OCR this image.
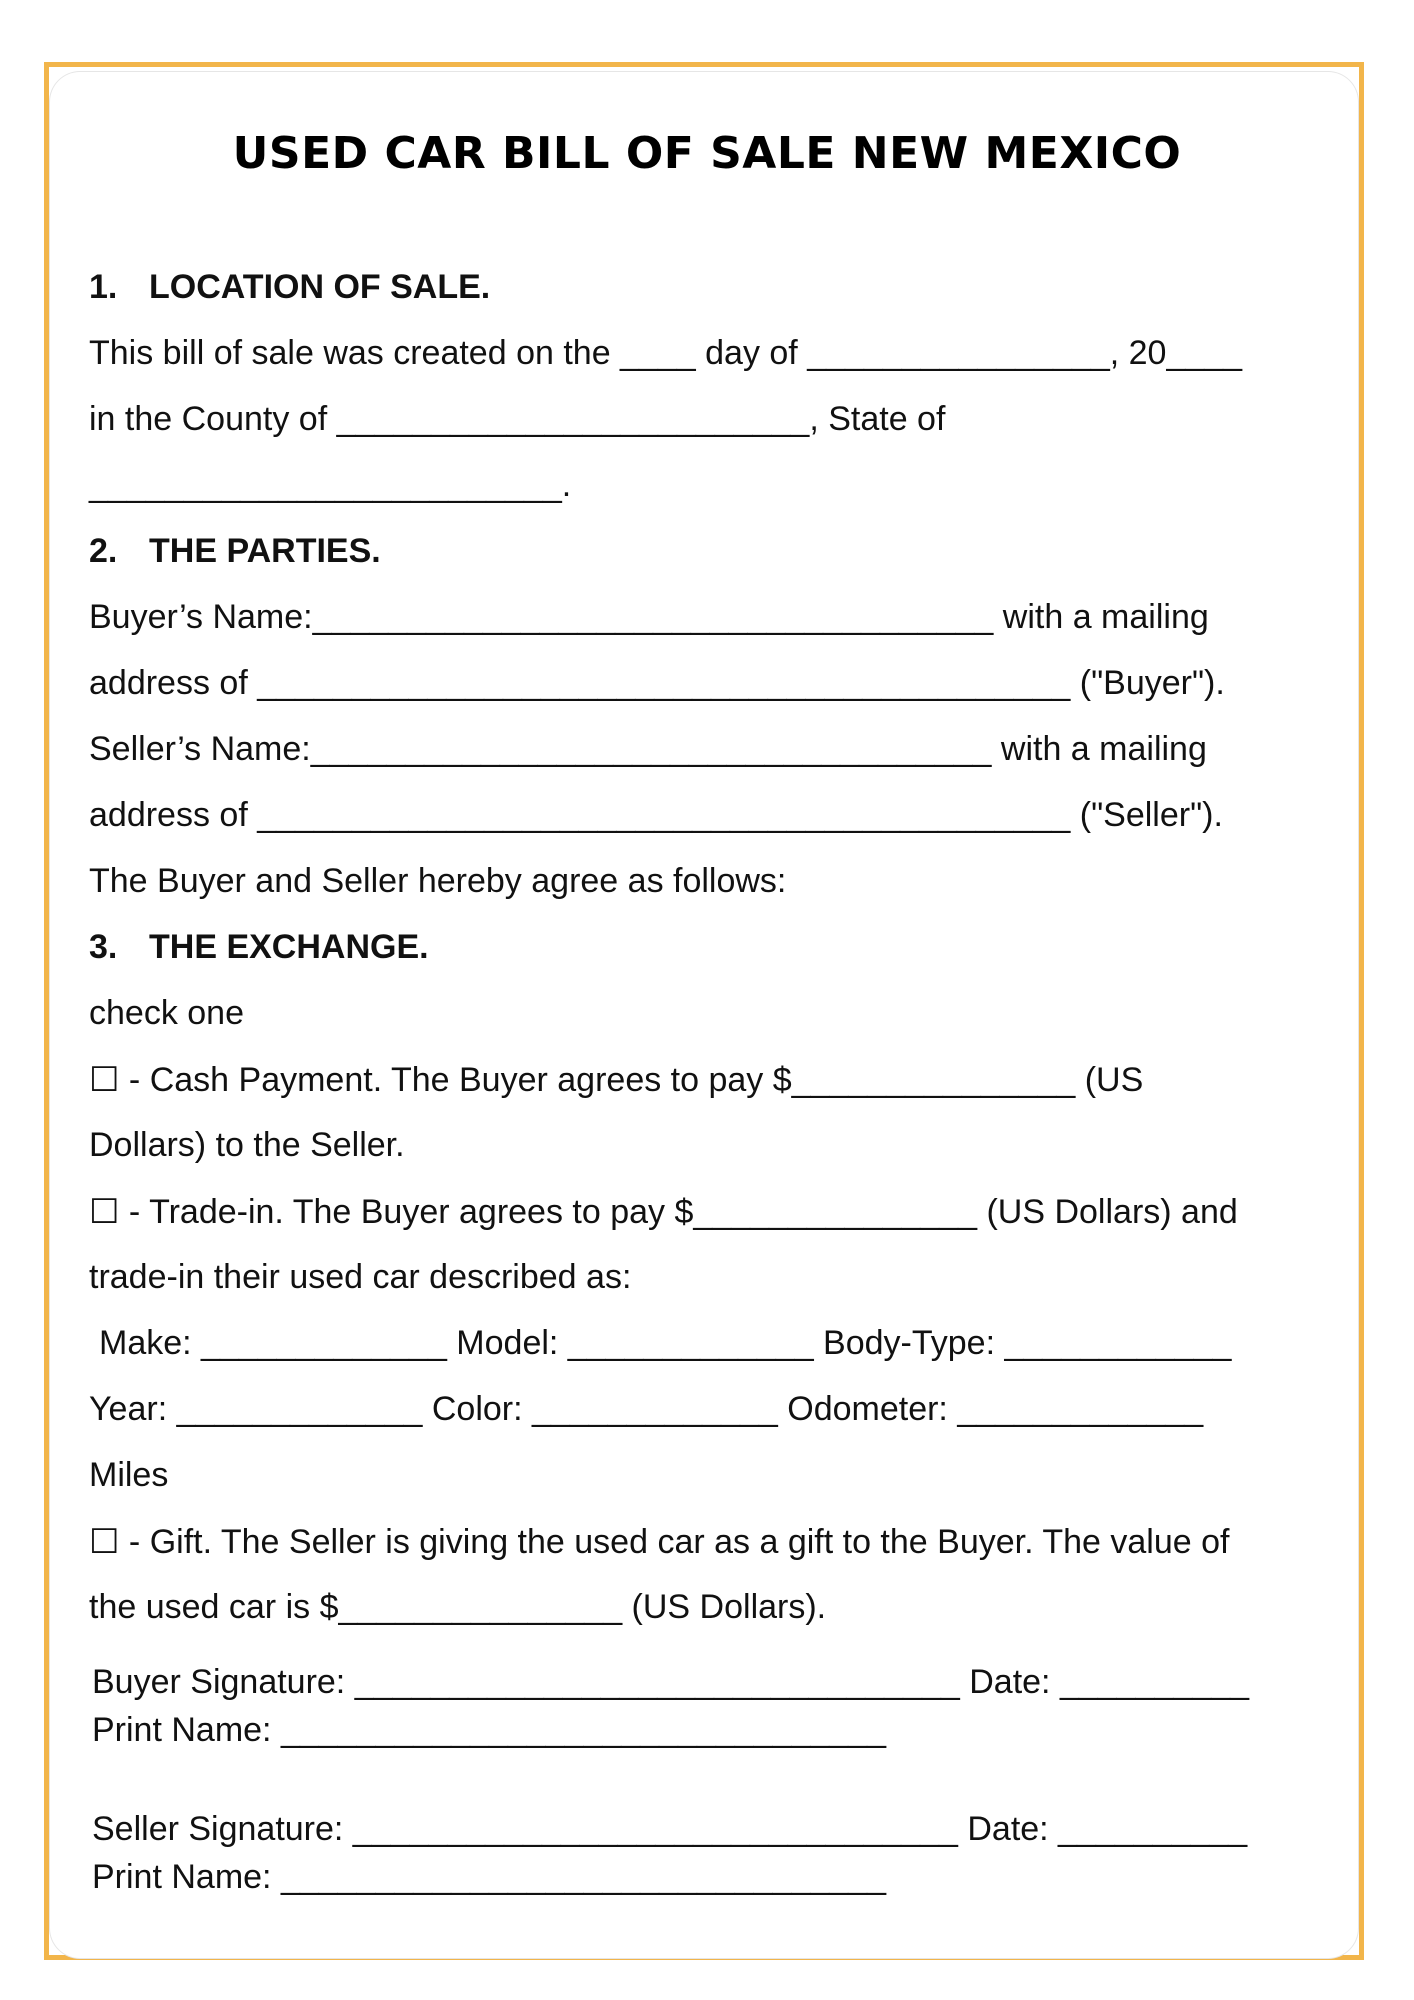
USED CAR BILL OF SALE NEW MEXICO
1. LOCATION OF SALE.
This bill of sale was created on the ____ day of ________________, 20____
in the County of _________________________, State of
_________________________.
2. THE PARTIES.
Buyer’s Name:____________________________________ with a mailing
address of ___________________________________________ ("Buyer").
Seller’s Name:____________________________________ with a mailing
address of ___________________________________________ ("Seller").
The Buyer and Seller hereby agree as follows:
3. THE EXCHANGE.
check one
☐ - Cash Payment. The Buyer agrees to pay $_______________ (US
Dollars) to the Seller.
☐ - Trade-in. The Buyer agrees to pay $_______________ (US Dollars) and
trade-in their used car described as:
Make: _____________ Model: _____________ Body-Type: ____________
Year: _____________ Color: _____________ Odometer: _____________
Miles
☐ - Gift. The Seller is giving the used car as a gift to the Buyer. The value of
the used car is $_______________ (US Dollars).
Buyer Signature: ________________________________ Date: __________
Print Name: ________________________________
Seller Signature: ________________________________ Date: __________
Print Name: ________________________________
